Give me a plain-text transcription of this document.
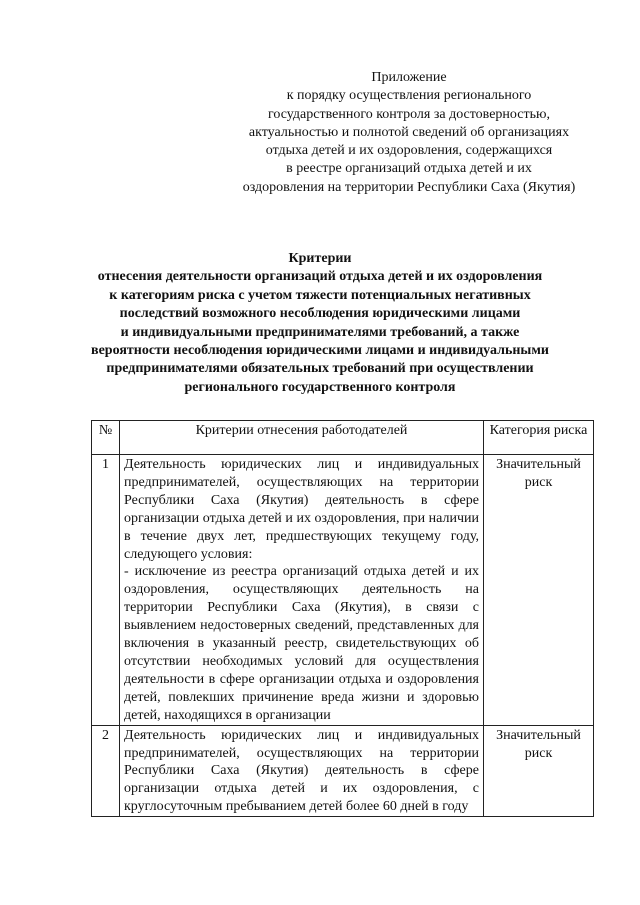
Приложение
к порядку осуществления регионального
государственного контроля за достоверностью,
актуальностью и полнотой сведений об организациях
отдыха детей и их оздоровления, содержащихся
в реестре организаций отдыха детей и их
оздоровления на территории Республики Саха (Якутия)
Критерии
отнесения деятельности организаций отдыха детей и их оздоровления
к категориям риска с учетом тяжести потенциальных негативных
последствий возможного несоблюдения юридическими лицами
и индивидуальными предпринимателями требований, а также
вероятности несоблюдения юридическими лицами и индивидуальными
предпринимателями обязательных требований при осуществлении
регионального государственного контроля
№	Критерии отнесения работодателей	Категория риска
1	Деятельность юридических лиц и индивидуальных предпринимателей, осуществляющих на территории Республики Саха (Якутия) деятельность в сфере организации отдыха детей и их оздоровления, при наличии в течение двух лет, предшествующих текущему году, следующего условия:
- исключение из реестра организаций отдыха детей и их оздоровления, осуществляющих деятельность на территории Республики Саха (Якутия), в связи с выявлением недостоверных сведений, представленных для включения в указанный реестр, свидетельствующих об отсутствии необходимых условий для осуществления деятельности в сфере организации отдыха и оздоровления детей, повлекших причинение вреда жизни и здоровью детей, находящихся в организации	Значительный риск
2	Деятельность юридических лиц и индивидуальных предпринимателей, осуществляющих на территории Республики Саха (Якутия) деятельность в сфере организации отдыха детей и их оздоровления, с круглосуточным пребыванием детей более 60 дней в году	Значительный риск
